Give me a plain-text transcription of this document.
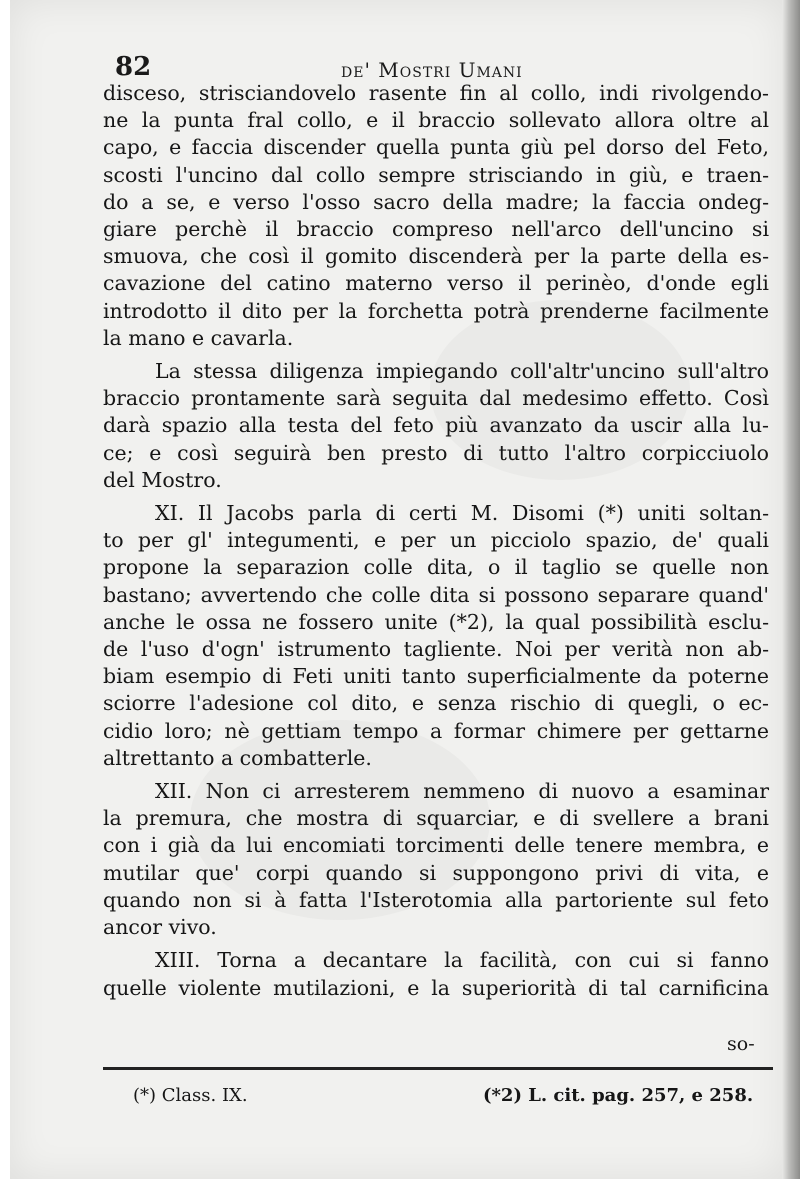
82	de' Mostri Umani
disceso, strisciandovelo rasente fin al collo, indi rivolgendo-
ne la punta fral collo, e il braccio sollevato allora oltre al
capo, e faccia discender quella punta giù pel dorso del Feto,
scosti l'uncino dal collo sempre strisciando in giù, e traen-
do a se, e verso l'osso sacro della madre; la faccia ondeg-
giare perchè il braccio compreso nell'arco dell'uncino si
smuova, che così il gomito discenderà per la parte della es-
cavazione del catino materno verso il perinèo, d'onde egli
introdotto il dito per la forchetta potrà prenderne facilmente
la mano e cavarla.
La stessa diligenza impiegando coll'altr'uncino sull'altro
braccio prontamente sarà seguita dal medesimo effetto. Così
darà spazio alla testa del feto più avanzato da uscir alla lu-
ce; e così seguirà ben presto di tutto l'altro corpicciuolo
del Mostro.
XI. Il Jacobs parla di certi M. Disomi (*) uniti soltan-
to per gl' integumenti, e per un picciolo spazio, de' quali
propone la separazion colle dita, o il taglio se quelle non
bastano; avvertendo che colle dita si possono separare quand'
anche le ossa ne fossero unite (*2), la qual possibilità esclu-
de l'uso d'ogn' istrumento tagliente. Noi per verità non ab-
biam esempio di Feti uniti tanto superficialmente da poterne
sciorre l'adesione col dito, e senza rischio di quegli, o ec-
cidio loro; nè gettiam tempo a formar chimere per gettarne
altrettanto a combatterle.
XII. Non ci arresterem nemmeno di nuovo a esaminar
la premura, che mostra di squarciar, e di svellere a brani
con i già da lui encomiati torcimenti delle tenere membra, e
mutilar que' corpi quando si suppongono privi di vita, e
quando non si à fatta l'Isterotomia alla partoriente sul feto
ancor vivo.
XIII. Torna a decantare la facilità, con cui si fanno
quelle violente mutilazioni, e la superiorità di tal carnificina
so-
(*) Class. IX.	(*2) L. cit. pag. 257, e 258.
